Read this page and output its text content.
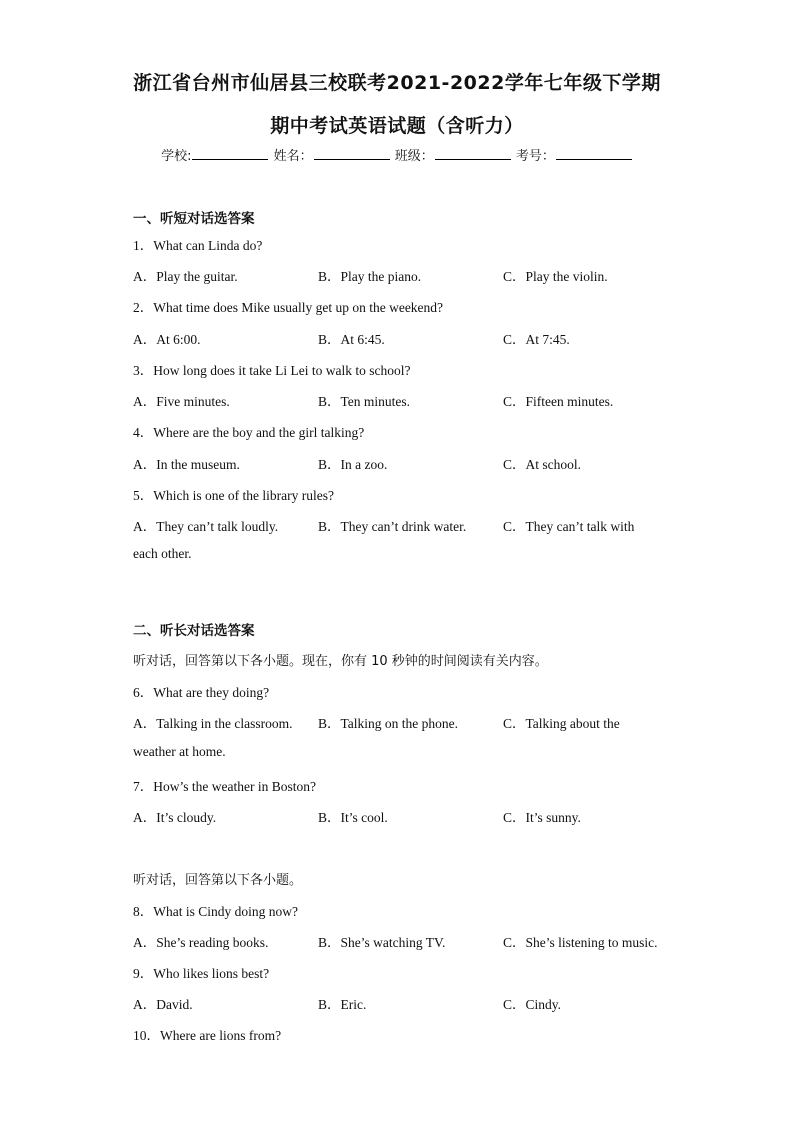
浙江省台州市仙居县三校联考2021-2022学年七年级下学期
期中考试英语试题（含听力）
学校:	姓名：	班级：	考号：
一、听短对话选答案
1．What can Linda do?
A．Play the guitar.	B．Play the piano.	C．Play the violin.
2．What time does Mike usually get up on the weekend?
A．At 6:00.	B．At 6:45.	C．At 7:45.
3．How long does it take Li Lei to walk to school?
A．Five minutes.	B．Ten minutes.	C．Fifteen minutes.
4．Where are the boy and the girl talking?
A．In the museum.	B．In a zoo.	C．At school.
5．Which is one of the library rules?
A．They can’t talk loudly.	B．They can’t drink water.	C．They can’t talk with
each other.
二、听长对话选答案
听对话，回答第以下各小题。现在，你有 10 秒钟的时间阅读有关内容。
6．What are they doing?
A．Talking in the classroom. B．Talking on the phone.	C．Talking about the
weather at home.
7．How’s the weather in Boston?
A．It’s cloudy.	B．It’s cool.	C．It’s sunny.
听对话，回答第以下各小题。
8．What is Cindy doing now?
A．She’s reading books.	B．She’s watching TV.	C．She’s listening to music.
9．Who likes lions best?
A．David.	B．Eric.	C．Cindy.
10．Where are lions from?
